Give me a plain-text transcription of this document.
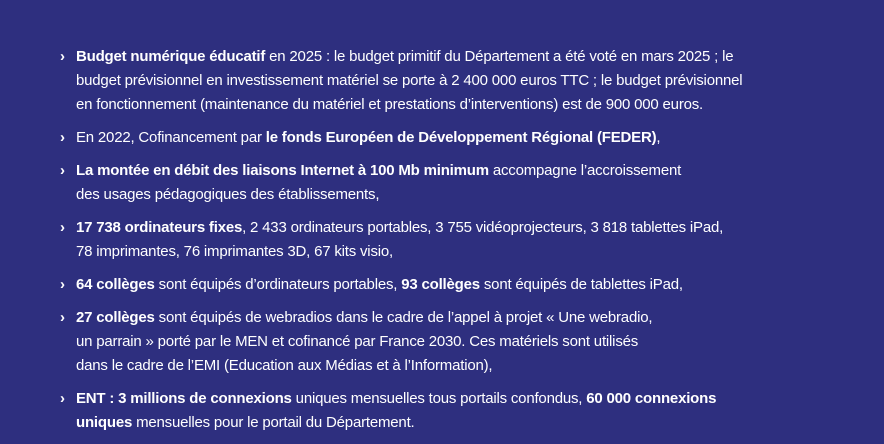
› Budget numérique éducatif en 2025 : le budget primitif du Département a été voté en mars 2025 ; le
budget prévisionnel en investissement matériel se porte à 2 400 000 euros TTC ; le budget prévisionnel
en fonctionnement (maintenance du matériel et prestations d’interventions) est de 900 000 euros.
› En 2022, Cofinancement par le fonds Européen de Développement Régional (FEDER),
› La montée en débit des liaisons Internet à 100 Mb minimum accompagne l’accroissement
des usages pédagogiques des établissements,
› 17 738 ordinateurs fixes, 2 433 ordinateurs portables, 3 755 vidéoprojecteurs, 3 818 tablettes iPad,
78 imprimantes, 76 imprimantes 3D, 67 kits visio,
› 64 collèges sont équipés d’ordinateurs portables, 93 collèges sont équipés de tablettes iPad,
› 27 collèges sont équipés de webradios dans le cadre de l’appel à projet « Une webradio,
un parrain » porté par le MEN et cofinancé par France 2030. Ces matériels sont utilisés
dans le cadre de l’EMI (Education aux Médias et à l’Information),
› ENT : 3 millions de connexions uniques mensuelles tous portails confondus, 60 000 connexions
uniques mensuelles pour le portail du Département.
